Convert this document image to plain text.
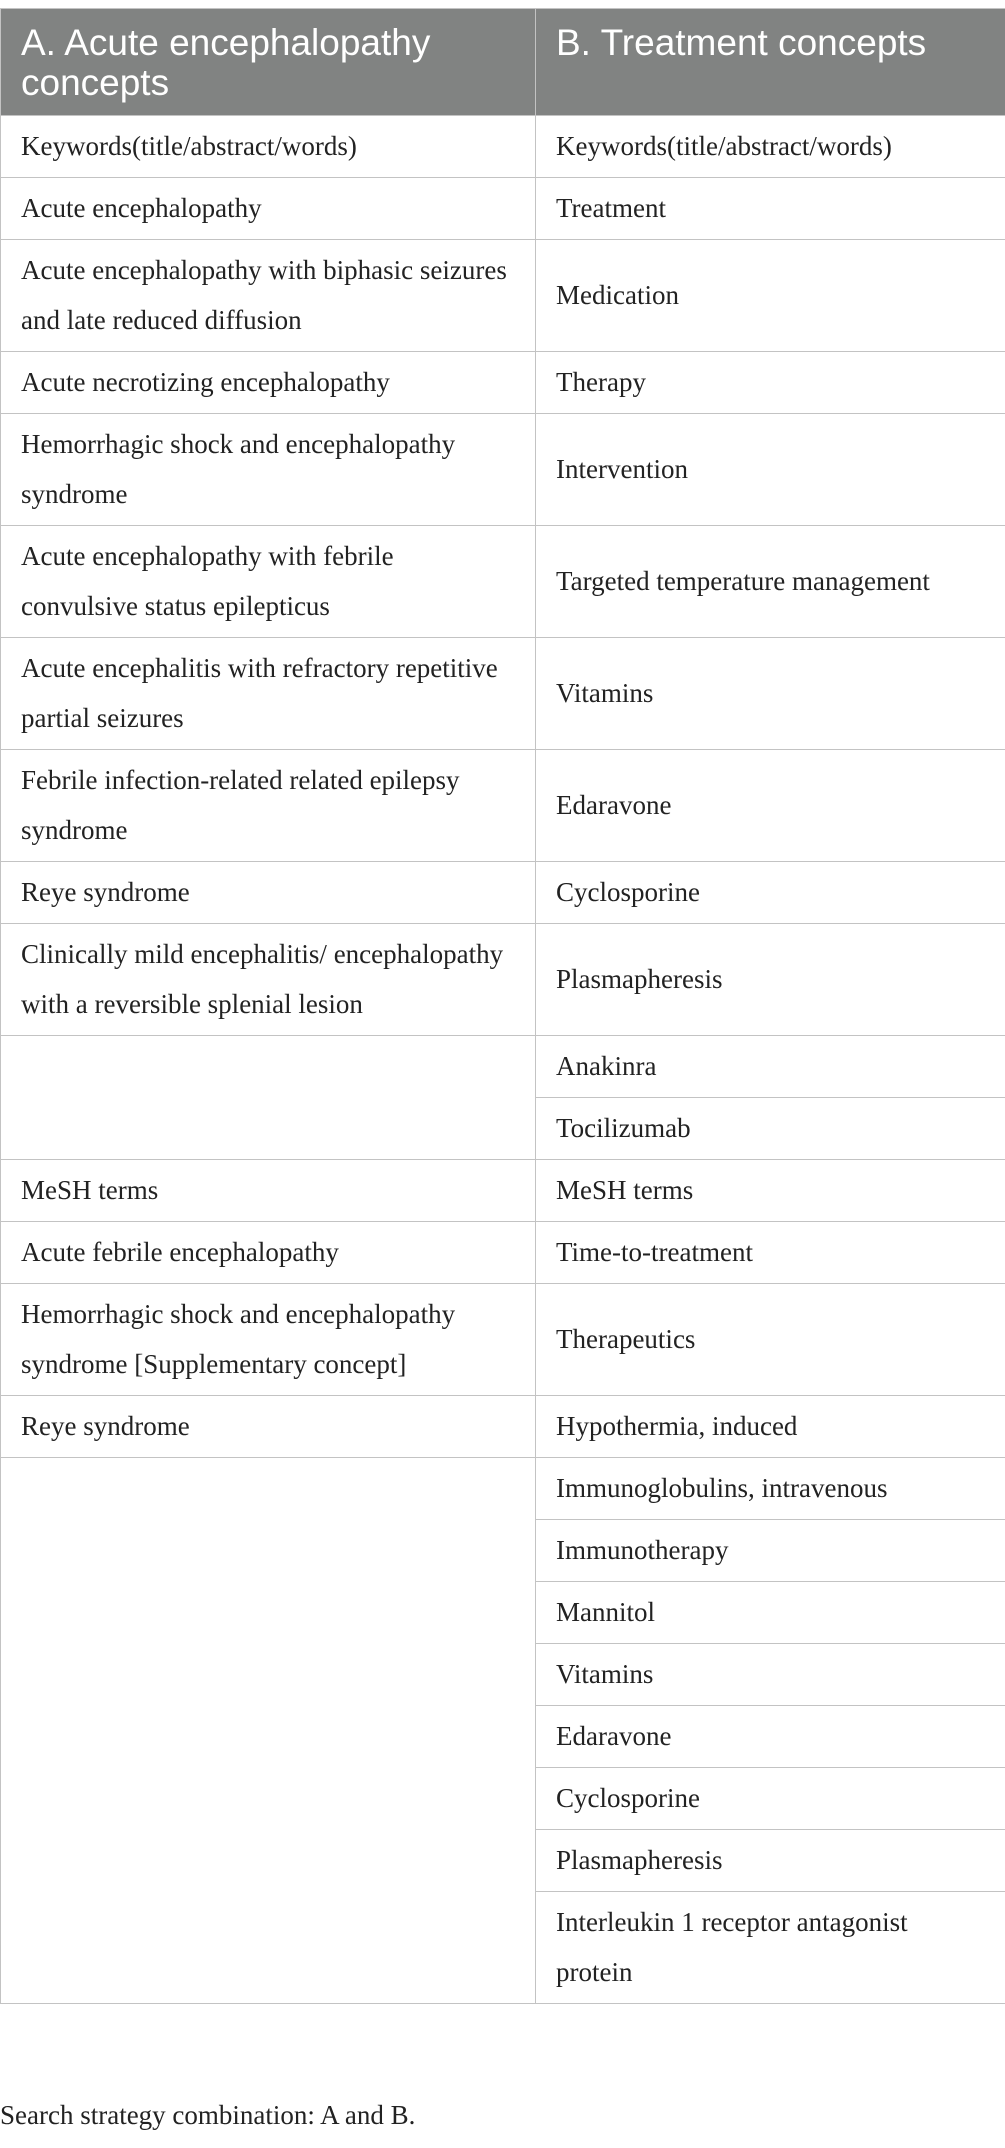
A. Acute encephalopathy concepts	B. Treatment concepts
Keywords(title/abstract/words)	Keywords(title/abstract/words)
Acute encephalopathy	Treatment
Acute encephalopathy with biphasic seizures and late reduced diffusion	Medication
Acute necrotizing encephalopathy	Therapy
Hemorrhagic shock and encephalopathy syndrome	Intervention
Acute encephalopathy with febrile convulsive status epilepticus	Targeted temperature management
Acute encephalitis with refractory repetitive partial seizures	Vitamins
Febrile infection-related related epilepsy syndrome	Edaravone
Reye syndrome	Cyclosporine
Clinically mild encephalitis/ encephalopathy with a reversible splenial lesion	Plasmapheresis
	Anakinra
	Tocilizumab
MeSH terms	MeSH terms
Acute febrile encephalopathy	Time-to-treatment
Hemorrhagic shock and encephalopathy syndrome [Supplementary concept]	Therapeutics
Reye syndrome	Hypothermia, induced
	Immunoglobulins, intravenous
	Immunotherapy
	Mannitol
	Vitamins
	Edaravone
	Cyclosporine
	Plasmapheresis
	Interleukin 1 receptor antagonist protein

Search strategy combination: A and B.
